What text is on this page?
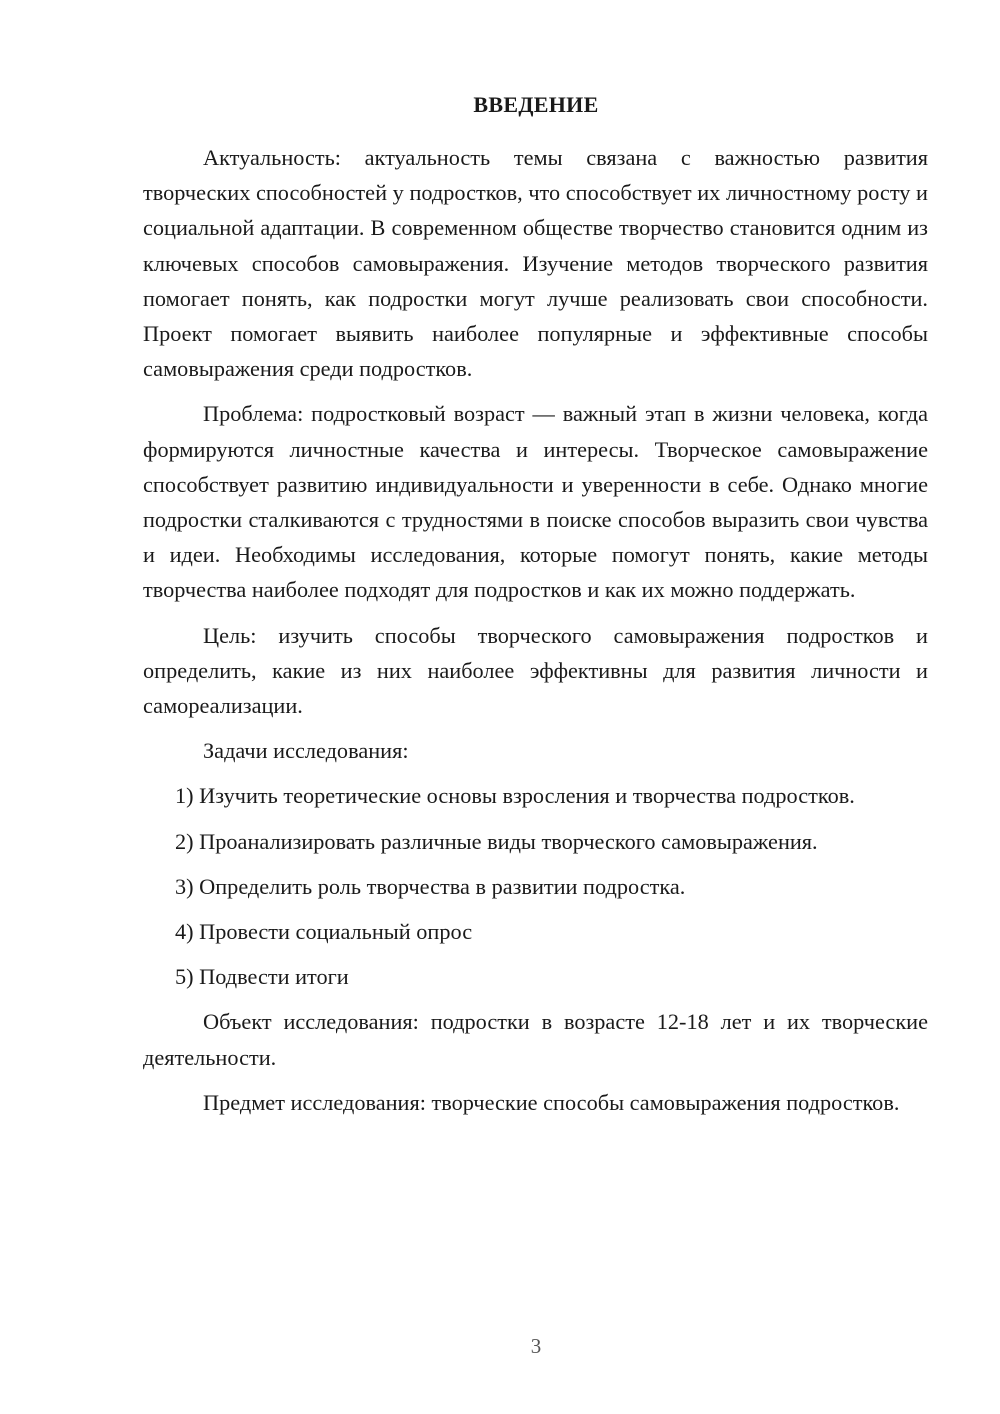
ВВЕДЕНИЕ

Актуальность: актуальность темы связана с важностью развития творческих способностей у подростков, что способствует их личностному росту и социальной адаптации. В современном обществе творчество становится одним из ключевых способов самовыражения. Изучение методов творческого развития помогает понять, как подростки могут лучше реализовать свои способности. Проект помогает выявить наиболее популярные и эффективные способы самовыражения среди подростков.

Проблема: подростковый возраст — важный этап в жизни человека, когда формируются личностные качества и интересы. Творческое самовыражение способствует развитию индивидуальности и уверенности в себе. Однако многие подростки сталкиваются с трудностями в поиске способов выразить свои чувства и идеи. Необходимы исследования, которые помогут понять, какие методы творчества наиболее подходят для подростков и как их можно поддержать.

Цель: изучить способы творческого самовыражения подростков и определить, какие из них наиболее эффективны для развития личности и самореализации.

Задачи исследования:

1) Изучить теоретические основы взросления и творчества подростков.

2) Проанализировать различные виды творческого самовыражения.

3) Определить роль творчества в развитии подростка.

4) Провести социальный опрос

5) Подвести итоги

Объект исследования: подростки в возрасте 12-18 лет и их творческие деятельности.

Предмет исследования: творческие способы самовыражения подростков.

3
